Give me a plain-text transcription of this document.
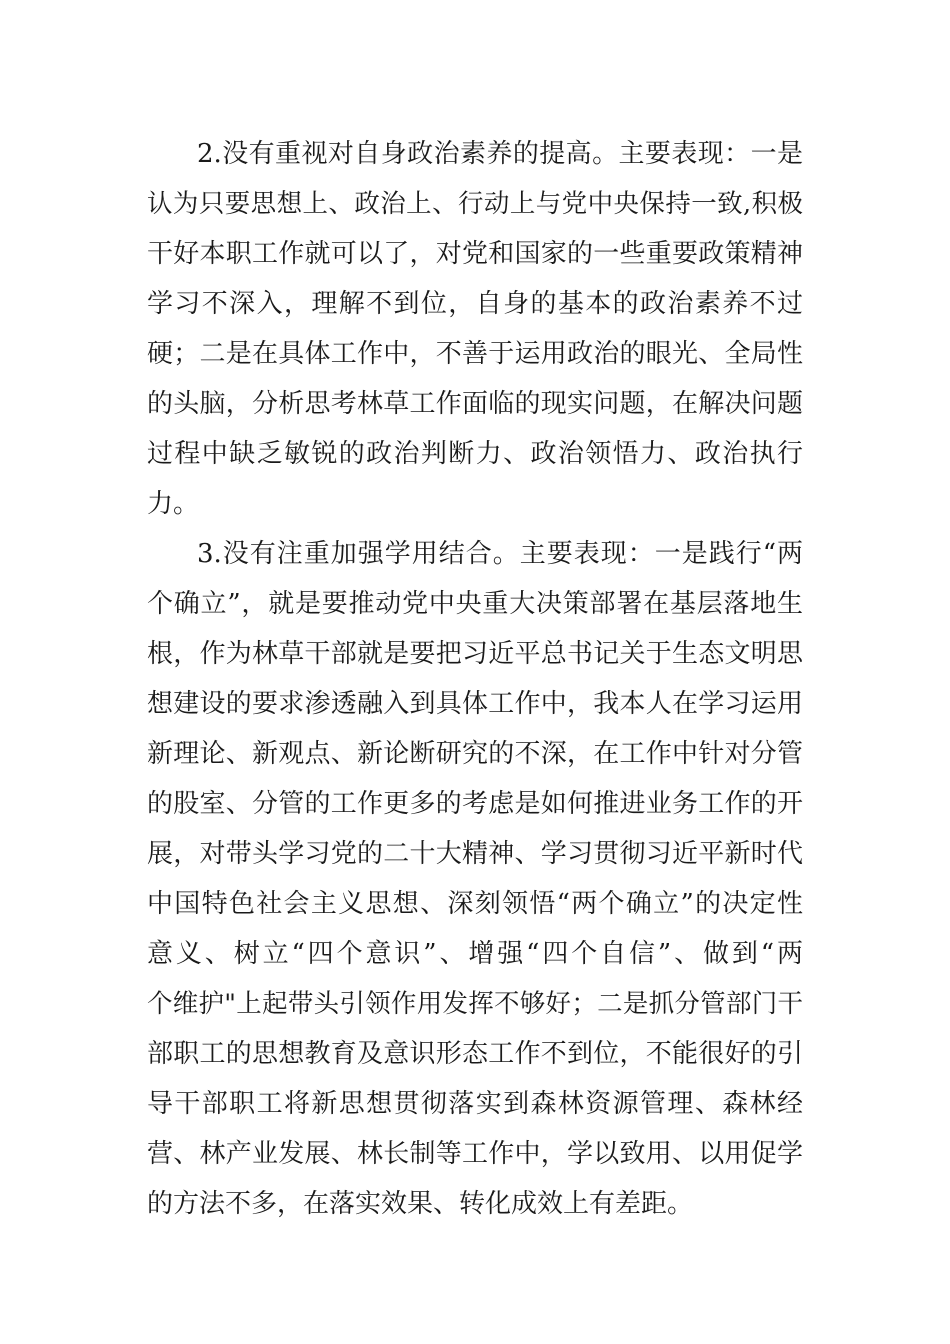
2.没有重视对自身政治素养的提高。主要表现：一是
认为只要思想上、政治上、行动上与党中央保持一致,积极
干好本职工作就可以了，对党和国家的一些重要政策精神
学习不深入，理解不到位，自身的基本的政治素养不过
硬；二是在具体工作中，不善于运用政治的眼光、全局性
的头脑，分析思考林草工作面临的现实问题，在解决问题
过程中缺乏敏锐的政治判断力、政治领悟力、政治执行
力。
3.没有注重加强学用结合。主要表现：一是践行“两
个确立”，就是要推动党中央重大决策部署在基层落地生
根，作为林草干部就是要把习近平总书记关于生态文明思
想建设的要求渗透融入到具体工作中，我本人在学习运用
新理论、新观点、新论断研究的不深，在工作中针对分管
的股室、分管的工作更多的考虑是如何推进业务工作的开
展，对带头学习党的二十大精神、学习贯彻习近平新时代
中国特色社会主义思想、深刻领悟“两个确立”的决定性
意义、树立“四个意识”、增强“四个自信”、做到“两
个维护"上起带头引领作用发挥不够好；二是抓分管部门干
部职工的思想教育及意识形态工作不到位，不能很好的引
导干部职工将新思想贯彻落实到森林资源管理、森林经
营、林产业发展、林长制等工作中，学以致用、以用促学
的方法不多，在落实效果、转化成效上有差距。
